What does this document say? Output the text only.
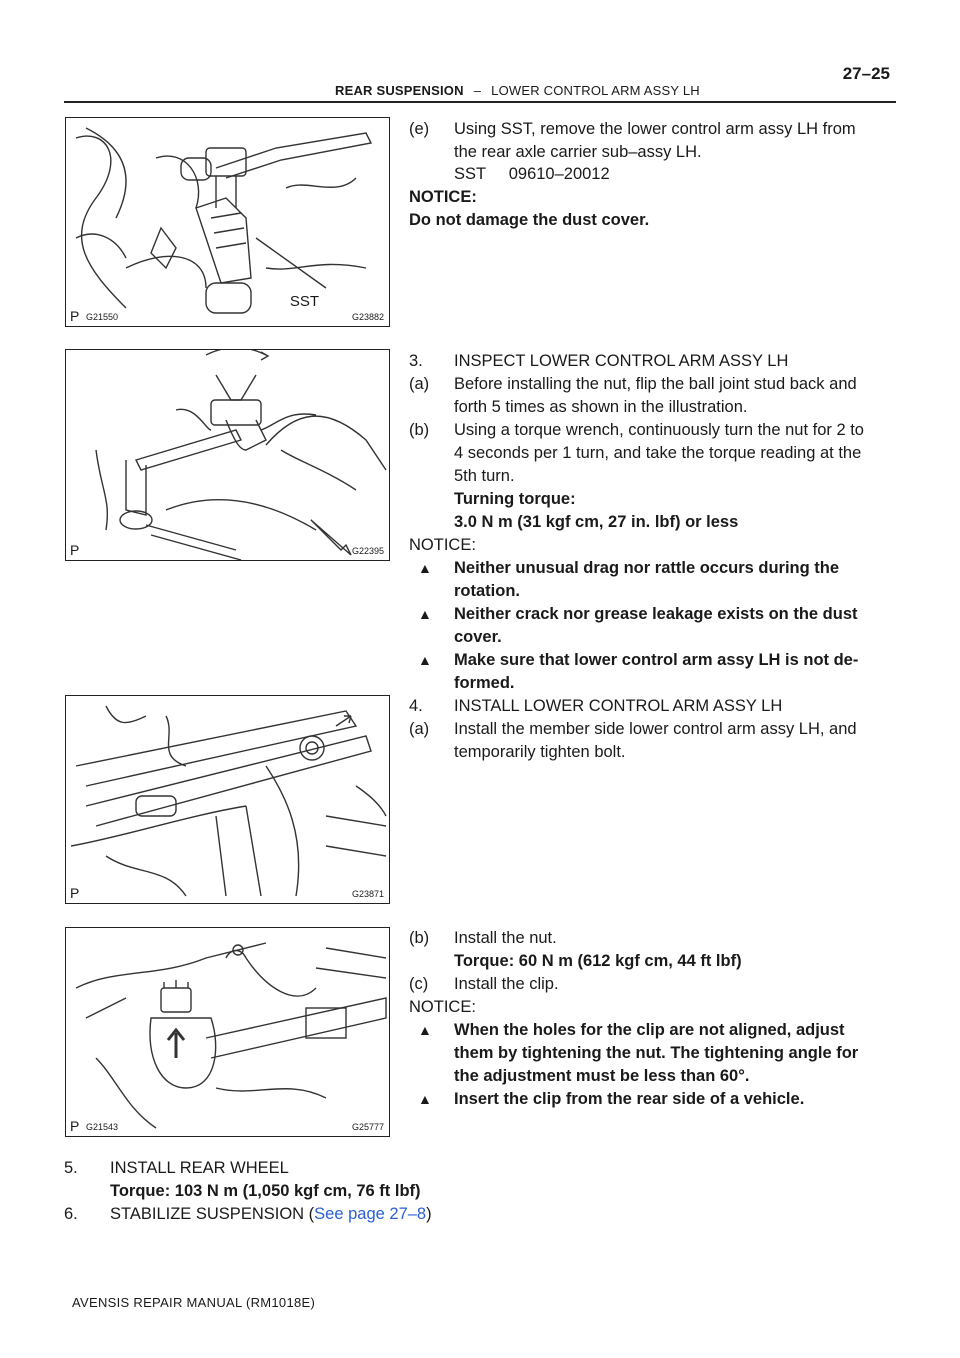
27–25
REAR SUSPENSION – LOWER CONTROL ARM ASSY LH
SST
P G21550	G23882
P	G22395
P	G23871
P G21543	G25777
(e) Using SST, remove the lower control arm assy LH from
the rear axle carrier sub–assy LH.
SST     09610–20012
NOTICE:
Do not damage the dust cover.
3. INSPECT LOWER CONTROL ARM ASSY LH
(a) Before installing the nut, flip the ball joint stud back and
forth 5 times as shown in the illustration.
(b) Using a torque wrench, continuously turn the nut for 2 to
4 seconds per 1 turn, and take the torque reading at the
5th turn.
Turning torque:
3.0 N m (31 kgf cm, 27 in. lbf) or less
NOTICE:
▲ Neither unusual drag nor rattle occurs during the
rotation.
▲ Neither crack nor grease leakage exists on the dust
cover.
▲ Make sure that lower control arm assy LH is not de-
formed.
4. INSTALL LOWER CONTROL ARM ASSY LH
(a) Install the member side lower control arm assy LH, and
temporarily tighten bolt.
(b) Install the nut.
Torque: 60 N m (612 kgf cm, 44 ft lbf)
(c) Install the clip.
NOTICE:
▲ When the holes for the clip are not aligned, adjust
them by tightening the nut. The tightening angle for
the adjustment must be less than 60°.
▲ Insert the clip from the rear side of a vehicle.
5. INSTALL REAR WHEEL
Torque: 103 N m (1,050 kgf cm, 76 ft lbf)
6. STABILIZE SUSPENSION (See page 27–8)
AVENSIS REPAIR MANUAL (RM1018E)
